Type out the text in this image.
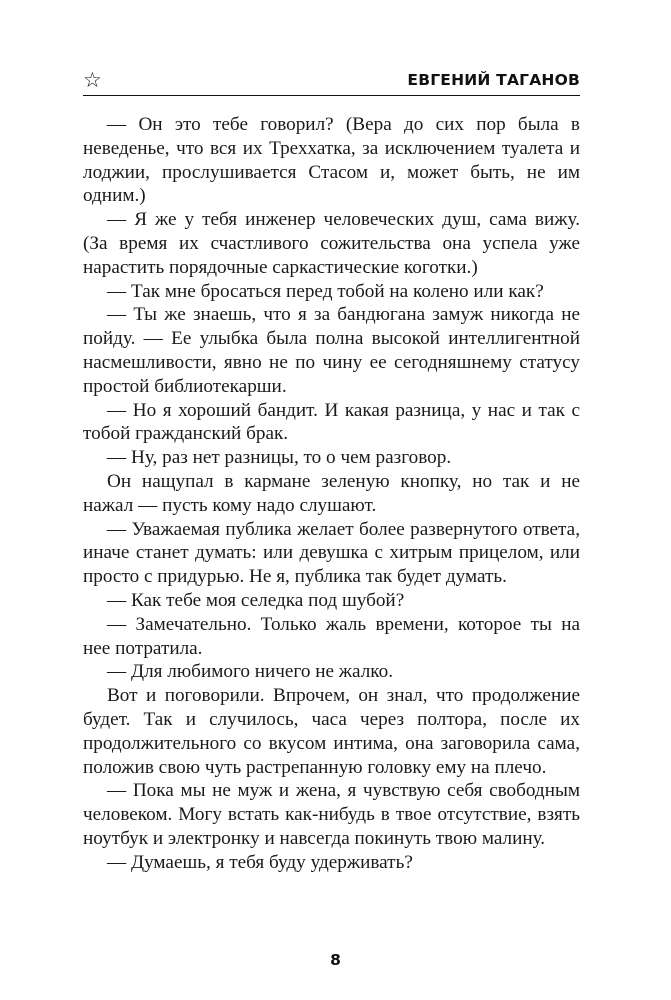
☆	ЕВГЕНИЙ ТАГАНОВ

— Он это тебе говорил? (Вера до сих пор была в неведенье, что вся их Треххатка, за исключением туалета и лоджии, прослушивается Стасом и, может быть, не им одним.)

— Я же у тебя инженер человеческих душ, сама вижу. (За время их счастливого сожительства она успела уже нарастить порядочные саркастические коготки.)

— Так мне бросаться перед тобой на колено или как?

— Ты же знаешь, что я за бандюгана замуж никогда не пойду. — Ее улыбка была полна высокой интеллигентной насмешливости, явно не по чину ее сегодняшнему статусу простой библиотекарши.

— Но я хороший бандит. И какая разница, у нас и так с тобой гражданский брак.

— Ну, раз нет разницы, то о чем разговор.

Он нащупал в кармане зеленую кнопку, но так и не нажал — пусть кому надо слушают.

— Уважаемая публика желает более развернутого ответа, иначе станет думать: или девушка с хитрым прицелом, или просто с придурью. Не я, публика так будет думать.

— Как тебе моя селедка под шубой?

— Замечательно. Только жаль времени, которое ты на нее потратила.

— Для любимого ничего не жалко.

Вот и поговорили. Впрочем, он знал, что продолжение будет. Так и случилось, часа через полтора, после их продолжительного со вкусом интима, она заговорила сама, положив свою чуть растрепанную головку ему на плечо.

— Пока мы не муж и жена, я чувствую себя свободным человеком. Могу встать как-нибудь в твое отсутствие, взять ноутбук и электронку и навсегда покинуть твою малину.

— Думаешь, я тебя буду удерживать?

8
